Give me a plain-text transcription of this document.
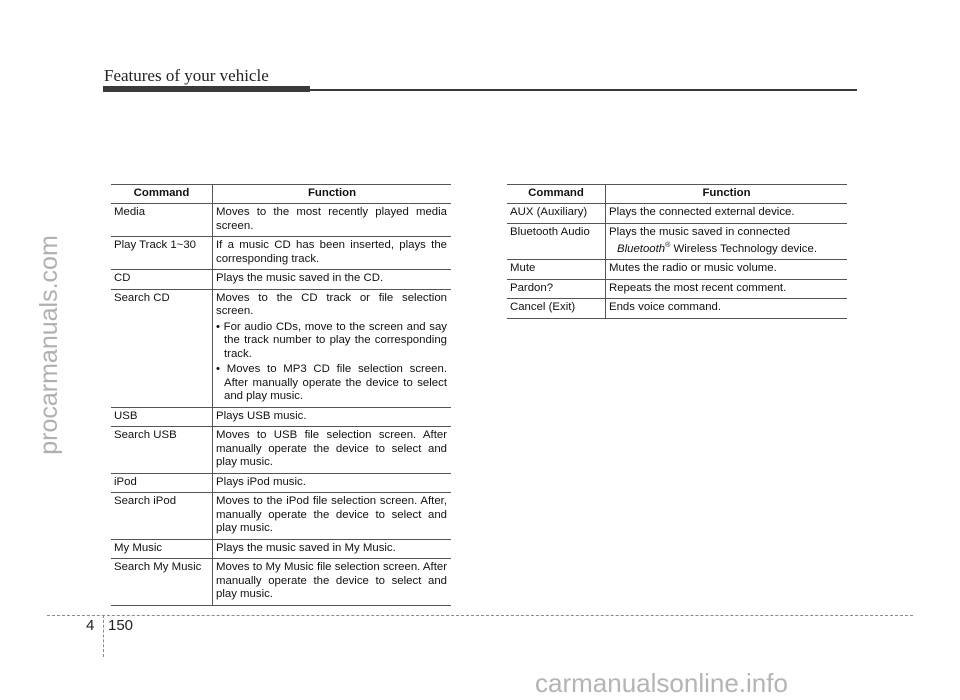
Features of your vehicle
procarmanuals.com
Command	Function
Media	Moves to the most recently played media screen.
Play Track 1~30	If a music CD has been inserted, plays the corresponding track.
CD	Plays the music saved in the CD.
Search CD	Moves to the CD track or file selection screen.
• For audio CDs, move to the screen and say the track number to play the corresponding track.
• Moves to MP3 CD file selection screen. After manually operate the device to select and play music.

USB	Plays USB music.
Search USB	Moves to USB file selection screen. After manually operate the device to select and play music.
iPod	Plays iPod music.
Search iPod	Moves to the iPod file selection screen. After, manually operate the device to select and play music.
My Music	Plays the music saved in My Music.
Search My Music	Moves to My Music file selection screen. After manually operate the device to select and play music.
Command	Function
AUX (Auxiliary)	Plays the connected external device.
Bluetooth Audio	Plays the music saved in connected
Bluetooth® Wireless Technology device.

Mute	Mutes the radio or music volume.
Pardon?	Repeats the most recent comment.
Cancel (Exit)	Ends voice command.
4 150
carmanualsonline.info
